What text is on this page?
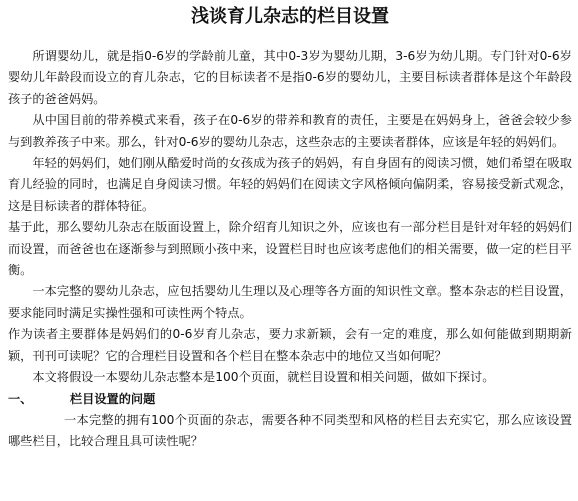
浅谈育儿杂志的栏目设置

所谓婴幼儿，就是指0-6岁的学龄前儿童，其中0-3岁为婴幼儿期，3-6岁为幼儿期。专门针对0-6岁婴幼儿年龄段而设立的育儿杂志，它的目标读者不是指0-6岁的婴幼儿，主要目标读者群体是这个年龄段孩子的爸爸妈妈。

从中国目前的带养模式来看，孩子在0-6岁的带养和教育的责任，主要是在妈妈身上，爸爸会较少参与到教养孩子中来。那么，针对0-6岁的婴幼儿杂志，这些杂志的主要读者群体，应该是年轻的妈妈们。

年轻的妈妈们，她们刚从酷爱时尚的女孩成为孩子的妈妈，有自身固有的阅读习惯，她们希望在吸取育儿经验的同时，也满足自身阅读习惯。年轻的妈妈们在阅读文字风格倾向偏阴柔，容易接受新式观念，这是目标读者的群体特征。

基于此，那么婴幼儿杂志在版面设置上，除介绍育儿知识之外，应该也有一部分栏目是针对年轻的妈妈们而设置，而爸爸也在逐渐参与到照顾小孩中来，设置栏目时也应该考虑他们的相关需要，做一定的栏目平衡。

一本完整的婴幼儿杂志，应包括婴幼儿生理以及心理等各方面的知识性文章。整本杂志的栏目设置，要求能同时满足实操性强和可读性两个特点。

作为读者主要群体是妈妈们的0-6岁育儿杂志，要力求新颖，会有一定的难度，那么如何能做到期期新颖，刊刊可读呢？它的合理栏目设置和各个栏目在整本杂志中的地位又当如何呢？

本文将假设一本婴幼儿杂志整本是100个页面，就栏目设置和相关问题，做如下探讨。

一、	栏目设置的问题

一本完整的拥有100个页面的杂志，需要各种不同类型和风格的栏目去充实它，那么应该设置哪些栏目，比较合理且具可读性呢？
